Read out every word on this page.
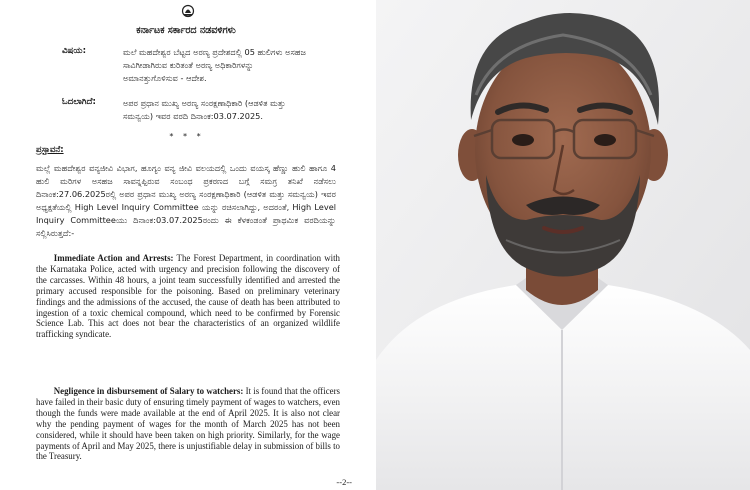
ಕರ್ನಾಟಕ ಸರ್ಕಾರದ ನಡವಳಿಗಳು
ವಿಷಯ:	ಮಲೆ ಮಹದೇಶ್ವರ ಬೆಟ್ಟದ ಅರಣ್ಯ ಪ್ರದೇಶದಲ್ಲಿ 05 ಹುಲಿಗಳು ಅಸಹಜ ಸಾವಿಗೀಡಾಗಿರುವ ಕುರಿತಂತೆ ಅರಣ್ಯ ಅಧಿಕಾರಿಗಳನ್ನು ಅಮಾನತ್ತುಗೊಳಿಸುವ - ಆದೇಶ.
ಓದಲಾಗಿದೆ:	ಅಪರ ಪ್ರಧಾನ ಮುಖ್ಯ ಅರಣ್ಯ ಸಂರಕ್ಷಣಾಧಿಕಾರಿ (ಆಡಳಿತ ಮತ್ತು ಸಮನ್ವಯ) ಇವರ ವರದಿ ದಿನಾಂಕ:03.07.2025.
* * *
ಪ್ರಸ್ತಾವನೆ:
ಮಲ್ಲೆ ಮಹದೇಶ್ವರ ವನ್ಯಜೀವಿ ವಿಭಾಗ, ಹೂಗ್ಯಂ ವನ್ಯ ಜೀವಿ ವಲಯದಲ್ಲಿ ಒಂದು ವಯಸ್ಕ ಹೆಣ್ಣು ಹುಲಿ ಹಾಗೂ 4 ಹುಲಿ ಮರಿಗಳ ಅಸಹಜ ಸಾವನ್ನಪ್ಪಿರುವ ಸಂಬಂಧ ಪ್ರಕರಣದ ಬಗ್ಗೆ ಸಮಗ್ರ ತನಿಖೆ ನಡೆಸಲು ದಿನಾಂಕ:27.06.2025ರಲ್ಲಿ ಅಪರ ಪ್ರಧಾನ ಮುಖ್ಯ ಅರಣ್ಯ ಸಂರಕ್ಷಣಾಧಿಕಾರಿ (ಆಡಳಿತ ಮತ್ತು ಸಮನ್ವಯ) ಇವರ ಅಧ್ಯಕ್ಷತೆಯಲ್ಲಿ High Level Inquiry Committee ಯನ್ನು ರಚಿಸಲಾಗಿದ್ದು, ಅದರಂತೆ, High Level Inquiry Committeeಯು ದಿನಾಂಕ:03.07.2025ರಂದು ಈ ಕೆಳಕಂಡಂತೆ ಪ್ರಾಥಮಿಕ ವರದಿಯನ್ನು ಸಲ್ಲಿಸಿರುತ್ತದೆ:-
  Immediate Action and Arrests: The Forest Department, in coordination with the Karnataka Police, acted with urgency and precision following the discovery of the carcasses. Within 48 hours, a joint team successfully identified and arrested the primary accused responsible for the poisoning. Based on preliminary veterinary findings and the admissions of the accused, the cause of death has been attributed to ingestion of a toxic chemical compound, which need to be confirmed by Forensic Science Lab. This act does not bear the characteristics of an organized wildlife trafficking syndicate.
  Negligence in disbursement of Salary to watchers: It is found that the officers have failed in their basic duty of ensuring timely payment of wages to watchers, even though the funds were made available at the end of April 2025. It is also not clear why the pending payment of wages for the month of March 2025 has not been considered, while it should have been taken on high priority. Similarly, for the wage payments of April and May 2025, there is unjustifiable delay in submission of bills to the Treasury.
--2--
